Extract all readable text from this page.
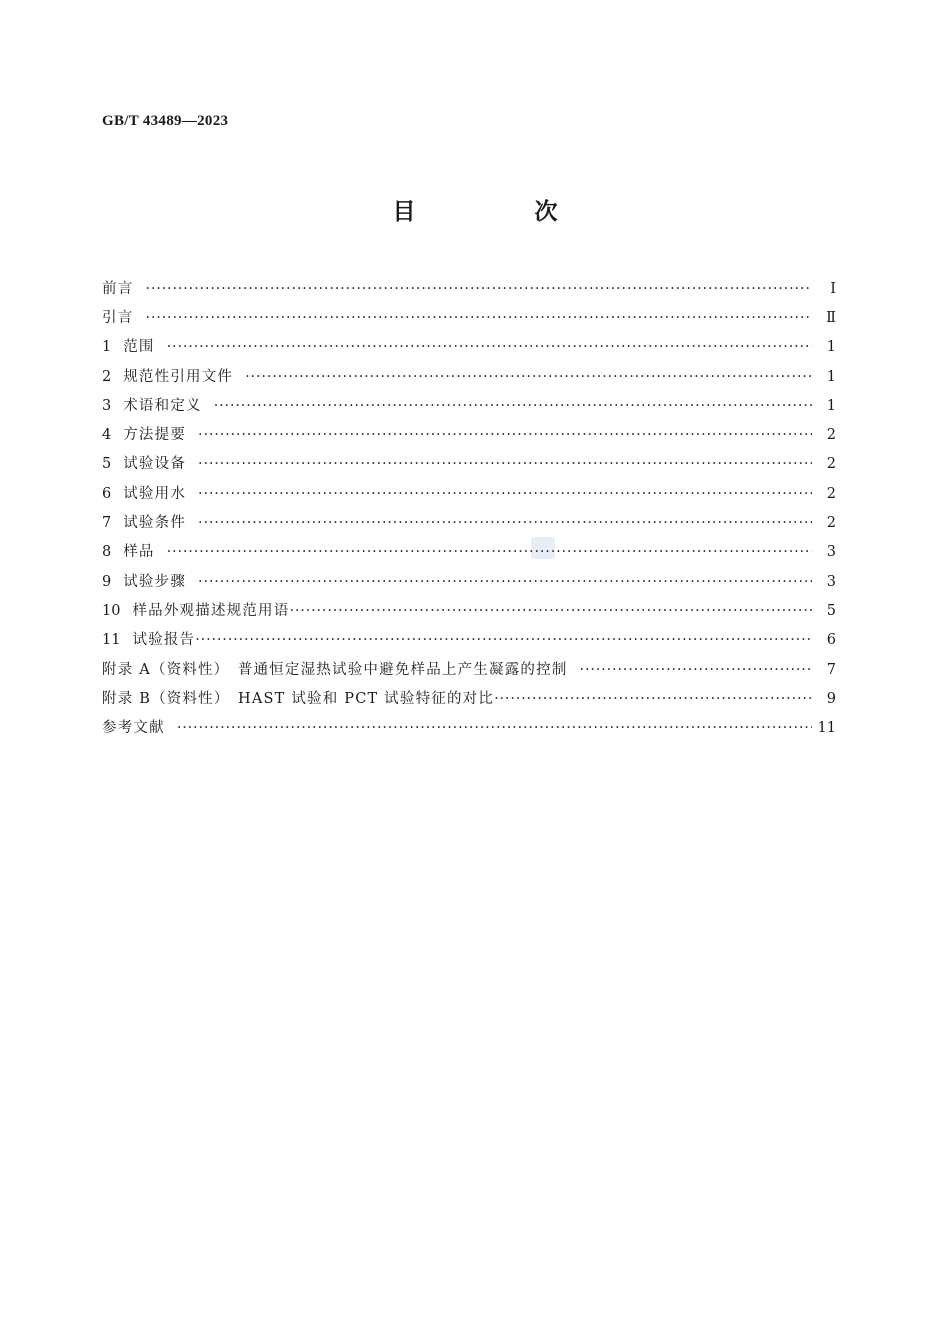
GB/T 43489—2023
目　次
前言 ·····	Ⅰ
引言 ·····	Ⅱ
1 范围 ·····	1
2 规范性引用文件 ·····	1
3 术语和定义 ·····	1
4 方法提要 ·····	2
5 试验设备 ·····	2
6 试验用水 ·····	2
7 试验条件 ·····	2
8 样品 ·····	3
9 试验步骤 ·····	3
10 样品外观描述规范用语 ·····	5
11 试验报告 ·····	6
附录 A（资料性）　普通恒定湿热试验中避免样品上产生凝露的控制 ·····	7
附录 B（资料性）　HAST 试验和 PCT 试验特征的对比 ·····	9
参考文献 ·····	11
